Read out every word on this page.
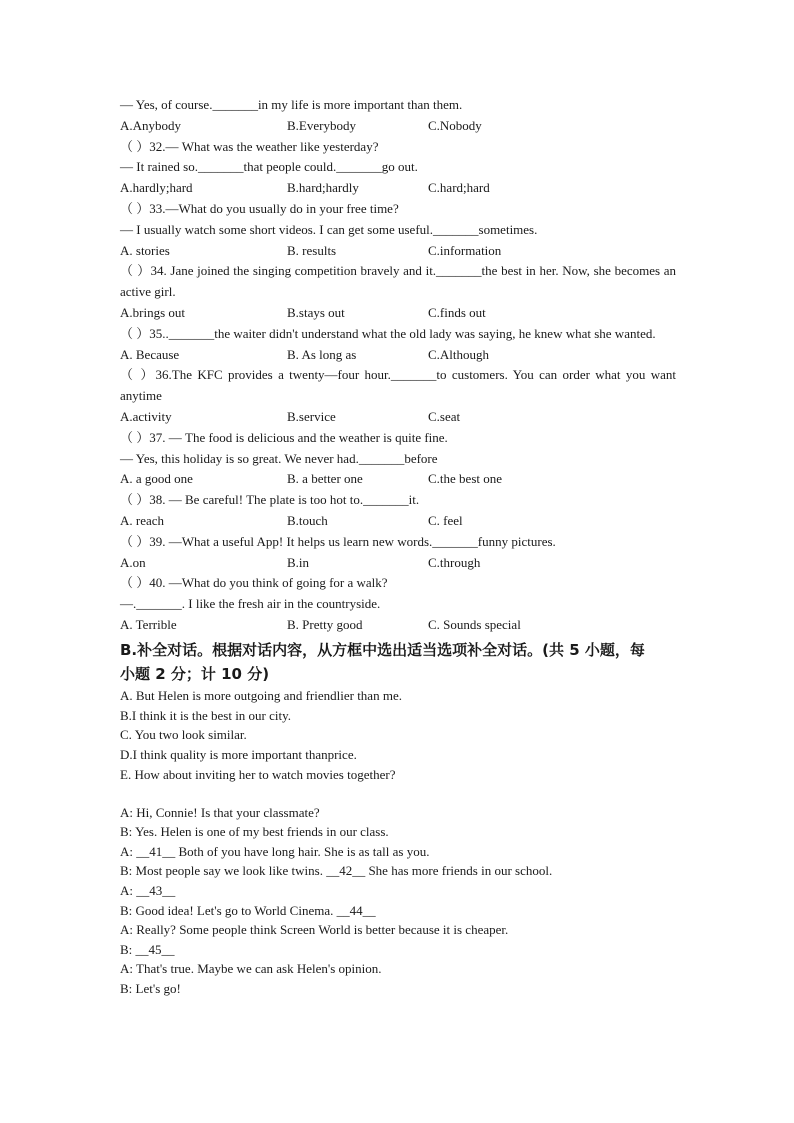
— Yes, of course._______in my life is more important than them.
A.Anybody	B.Everybody	C.Nobody
（ ）32.— What was the weather like yesterday?
— It rained so._______that people could._______go out.
A.hardly;hard	B.hard;hardly	C.hard;hard
（ ）33.—What do you usually do in your free time?
— I usually watch some short videos. I can get some useful._______sometimes.
A. stories	B. results	C.information
（ ）34. Jane joined the singing competition bravely and it._______the best in her. Now, she becomes an active girl.
A.brings out	B.stays out	C.finds out
（ ）35.._______the waiter didn't understand what the old lady was saying, he knew what she wanted.
A. Because	B. As long as	C.Although
（ ）36.The KFC provides a twenty—four hour._______to customers. You can order what you want anytime
A.activity	B.service	C.seat
（ ）37. — The food is delicious and the weather is quite fine.
— Yes, this holiday is so great. We never had._______before
A. a good one	B. a better one	C.the best one
（ ）38. — Be careful! The plate is too hot to._______it.
A. reach	B.touch	C. feel
（ ）39. —What a useful App! It helps us learn new words._______funny pictures.
A.on	B.in	C.through
（ ）40. —What do you think of going for a walk?
—._______. I like the fresh air in the countryside.
A. Terrible	B. Pretty good	C. Sounds special
B.补全对话。根据对话内容，从方框中选出适当选项补全对话。(共 5 小题，每
小题 2 分；计 10 分)
A. But Helen is more outgoing and friendlier than me.
B.I think it is the best in our city.
C. You two look similar.
D.I think quality is more important thanprice.
E. How about inviting her to watch movies together?
A: Hi, Connie! Is that your classmate?
B: Yes. Helen is one of my best friends in our class.
A: __41__ Both of you have long hair. She is as tall as you.
B: Most people say we look like twins. __42__ She has more friends in our school.
A: __43__
B: Good idea! Let's go to World Cinema. __44__
A: Really? Some people think Screen World is better because it is cheaper.
B: __45__
A: That's true. Maybe we can ask Helen's opinion.
B: Let's go!
